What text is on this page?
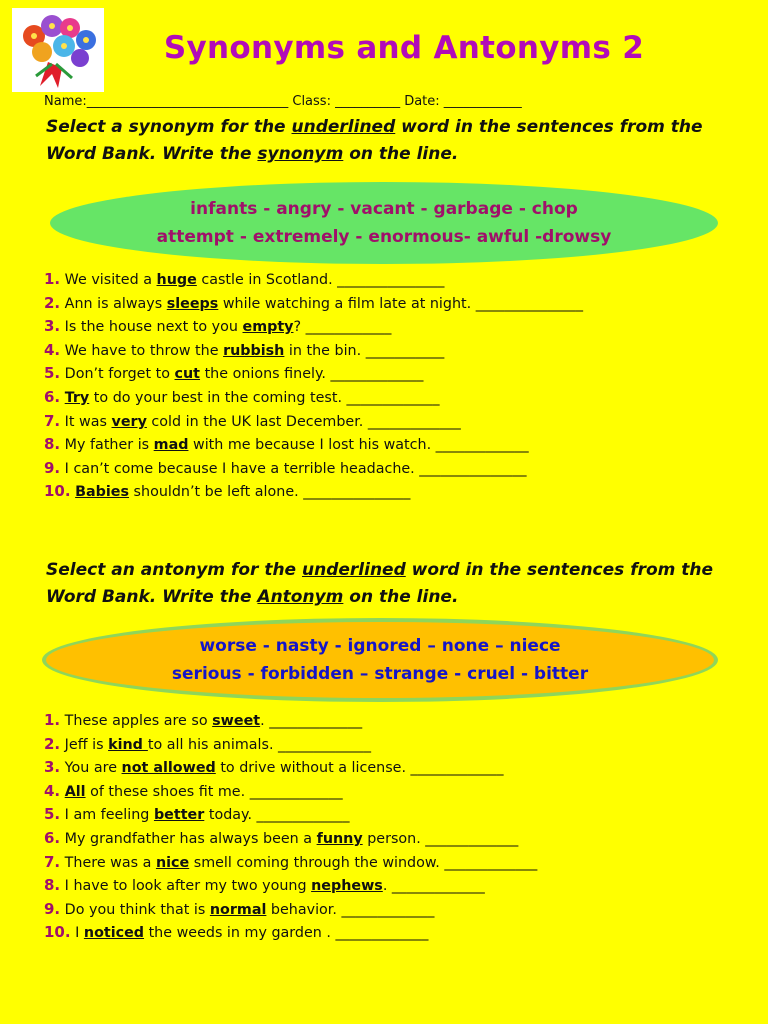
Synonyms and Antonyms 2
Name:_______________________________ Class: __________ Date: ____________
Select a synonym for the underlined word in the sentences from the Word Bank. Write the synonym on the line.
infants - angry - vacant - garbage - chop
attempt - extremely - enormous- awful -drowsy
1. We visited a huge castle in Scotland. _______________
2. Ann is always sleeps while watching a film late at night. _______________
3. Is the house next to you empty? ____________
4. We have to throw the rubbish in the bin. ___________
5. Don’t forget to cut the onions finely. _____________
6. Try to do your best in the coming test. _____________
7. It was very cold in the UK last December. _____________
8. My father is mad with me because I lost his watch. _____________
9. I can’t come because I have a terrible headache. _______________
10. Babies shouldn’t be left alone. _______________
Select an antonym for the underlined word in the sentences from the Word Bank. Write the Antonym on the line.
worse - nasty - ignored – none – niece
serious - forbidden – strange - cruel - bitter
1. These apples are so sweet. _____________
2. Jeff is kind to all his animals. _____________
3. You are not allowed to drive without a license. _____________
4. All of these shoes fit me. _____________
5. I am feeling better today. _____________
6. My grandfather has always been a funny person. _____________
7. There was a nice smell coming through the window. _____________
8. I have to look after my two young nephews. _____________
9. Do you think that is normal behavior. _____________
10. I noticed the weeds in my garden . _____________
